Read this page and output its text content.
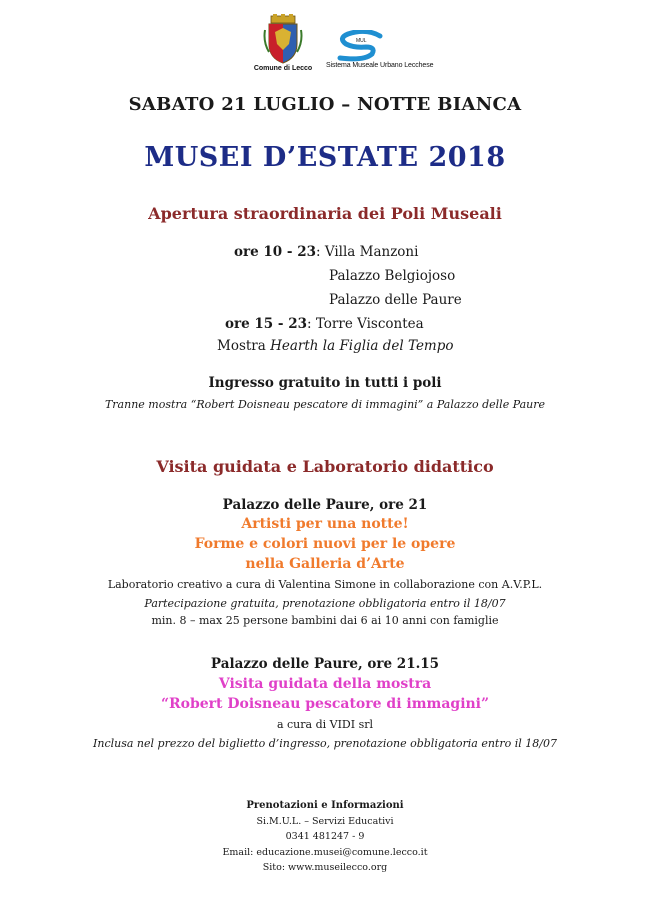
Comune di Lecco
MUL
Sistema Museale Urbano Lecchese
SABATO 21 LUGLIO – NOTTE BIANCA
MUSEI D’ESTATE 2018
Apertura straordinaria dei Poli Museali
ore 10 - 23: Villa Manzoni
Palazzo Belgiojoso
Palazzo delle Paure
ore 15 - 23: Torre Viscontea
Mostra Hearth la Figlia del Tempo
Ingresso gratuito in tutti i poli
Tranne mostra “Robert Doisneau pescatore di immagini” a Palazzo delle Paure
Visita guidata e Laboratorio didattico
Palazzo delle Paure, ore 21
Artisti per una notte!
Forme e colori nuovi per le opere
nella Galleria d’Arte
Laboratorio creativo a cura di Valentina Simone in collaborazione con A.V.P.L.
Partecipazione gratuita, prenotazione obbligatoria entro il 18/07
min. 8 – max 25 persone bambini dai 6 ai 10 anni con famiglie
Palazzo delle Paure, ore 21.15
Visita guidata della mostra
“Robert Doisneau pescatore di immagini”
a cura di VIDI srl
Inclusa nel prezzo del biglietto d’ingresso, prenotazione obbligatoria entro il 18/07
Prenotazioni e Informazioni
Si.M.U.L. – Servizi Educativi
0341 481247 - 9
Email: educazione.musei@comune.lecco.it
Sito: www.museilecco.org
